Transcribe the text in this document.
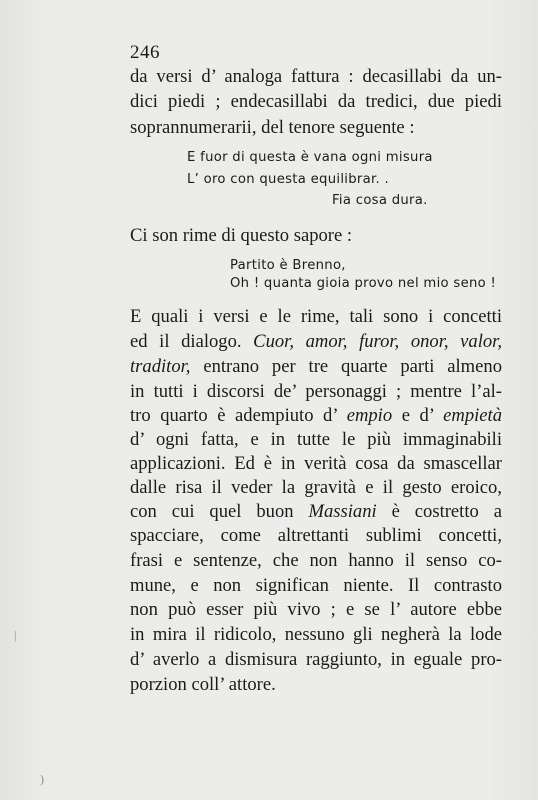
246
da versi d’ analoga fattura : decasillabi da un-
dici piedi ; endecasillabi da tredici, due piedi
soprannumerarii, del tenore seguente :
E fuor di questa è vana ogni misura
L’ oro con questa equilibrar. .
Fia cosa dura.
Ci son rime di questo sapore :
Partito è Brenno,
Oh ! quanta gioia provo nel mio seno !
E quali i versi e le rime, tali sono i concetti
ed il dialogo. Cuor, amor, furor, onor, valor,
traditor, entrano per tre quarte parti almeno
in tutti i discorsi de’ personaggi ; mentre l’al-
tro quarto è adempiuto d’ empio e d’ empietà
d’ ogni fatta, e in tutte le più immaginabili
applicazioni. Ed è in verità cosa da smascellar
dalle risa il veder la gravità e il gesto eroico,
con cui quel buon Massiani è costretto a
spacciare, come altrettanti sublimi concetti,
frasi e sentenze, che non hanno il senso co-
mune, e non significan niente. Il contrasto
non può esser più vivo ; e se l’ autore ebbe
in mira il ridicolo, nessuno gli negherà la lode
d’ averlo a dismisura raggiunto, in eguale pro-
porzion coll’ attore.
|
)
